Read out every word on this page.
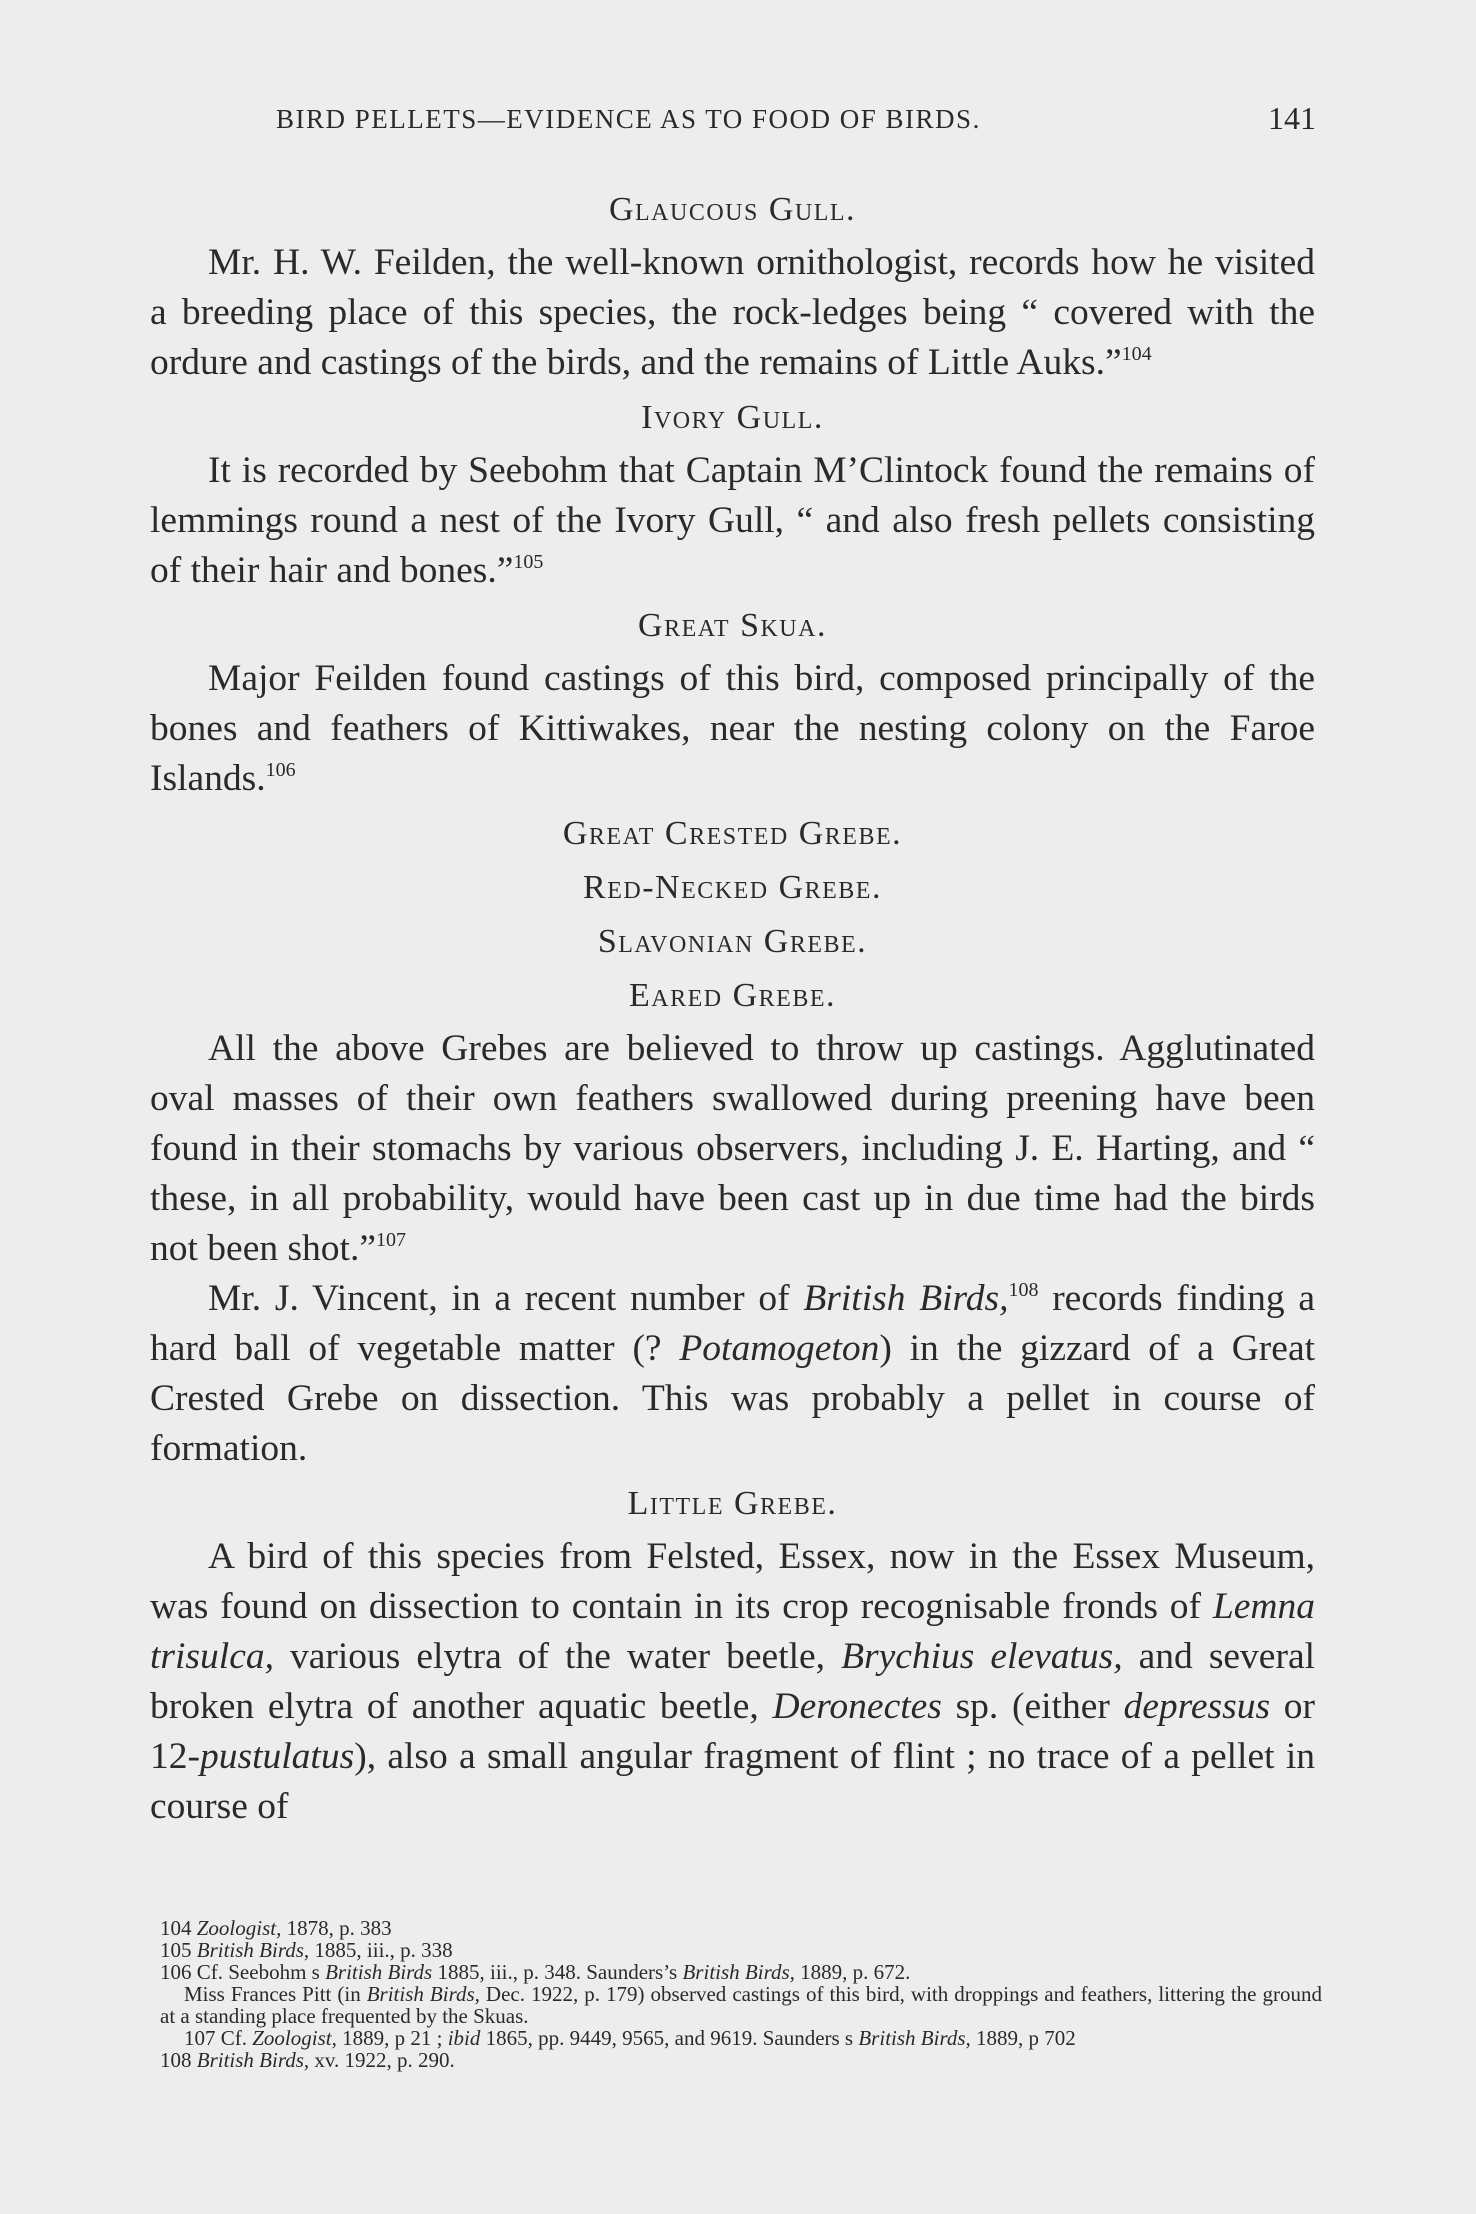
BIRD PELLETS—EVIDENCE AS TO FOOD OF BIRDS.	141
Glaucous Gull.

Mr. H. W. Feilden, the well-known ornithologist, records how he visited a breeding place of this species, the rock-ledges being “ covered with the ordure and castings of the birds, and the remains of Little Auks.”$^{104}$

Ivory Gull.

It is recorded by Seebohm that Captain M’Clintock found the remains of lemmings round a nest of the Ivory Gull, “ and also fresh pellets consisting of their hair and bones.”$^{105}$

Great Skua.

Major Feilden found castings of this bird, composed principally of the bones and feathers of Kittiwakes, near the nesting colony on the Faroe Islands.$^{106}$

Great Crested Grebe.
Red-Necked Grebe.
Slavonian Grebe.
Eared Grebe.

All the above Grebes are believed to throw up castings. Agglutinated oval masses of their own feathers swallowed during preening have been found in their stomachs by various observers, including J. E. Harting, and “ these, in all probability, would have been cast up in due time had the birds not been shot.”$^{107}$

Mr. J. Vincent, in a recent number of British Birds,$^{108}$ records finding a hard ball of vegetable matter (? Potamogeton) in the gizzard of a Great Crested Grebe on dissection. This was probably a pellet in course of formation.

Little Grebe.

A bird of this species from Felsted, Essex, now in the Essex Museum, was found on dissection to contain in its crop recognisable fronds of Lemna trisulca, various elytra of the water beetle, Brychius elevatus, and several broken elytra of another aquatic beetle, Deronectes sp. (either depressus or 12-pustulatus), also a small angular fragment of flint ; no trace of a pellet in course of

104 Zoologist, 1878, p. 383

105 British Birds, 1885, iii., p. 338

106 Cf. Seebohm s British Birds 1885, iii., p. 348. Saunders’s British Birds, 1889, p. 672.

Miss Frances Pitt (in British Birds, Dec. 1922, p. 179) observed castings of this bird, with droppings and feathers, littering the ground at a standing place frequented by the Skuas.

107 Cf. Zoologist, 1889, p 21 ; ibid 1865, pp. 9449, 9565, and 9619. Saunders s British Birds, 1889, p 702

108 British Birds, xv. 1922, p. 290.
